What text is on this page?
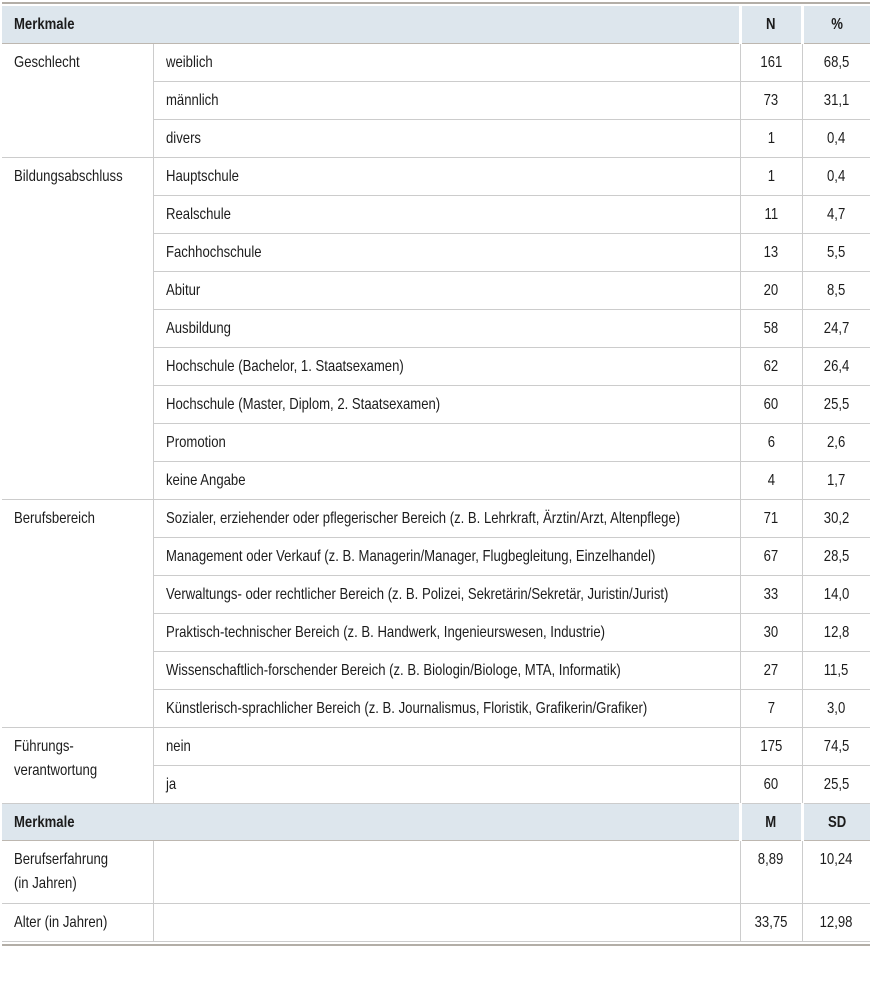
Merkmale		N	%

Geschlecht	weiblich	161	68,5
	männlich	73	31,1
	divers	1	0,4

Bildungsabschluss	Hauptschule	1	0,4
	Realschule	11	4,7
	Fachhochschule	13	5,5
	Abitur	20	8,5
	Ausbildung	58	24,7
	Hochschule (Bachelor, 1. Staatsexamen)	62	26,4
	Hochschule (Master, Diplom, 2. Staatsexamen)	60	25,5
	Promotion	6	2,6
	keine Angabe	4	1,7

Berufsbereich	Sozialer, erziehender oder pflegerischer Bereich (z. B. Lehrkraft, Ärztin/Arzt, Altenpflege)	71	30,2
	Management oder Verkauf (z. B. Managerin/Manager, Flugbegleitung, Einzelhandel)	67	28,5
	Verwaltungs- oder rechtlicher Bereich (z. B. Polizei, Sekretärin/Sekretär, Juristin/Jurist)	33	14,0
	Praktisch-technischer Bereich (z. B. Handwerk, Ingenieurswesen, Industrie)	30	12,8
	Wissenschaftlich-forschender Bereich (z. B. Biologin/Biologe, MTA, Informatik)	27	11,5
	Künstlerisch-sprachlicher Bereich (z. B. Journalismus, Floristik, Grafikerin/Grafiker)	7	3,0

Führungs-
verantwortung	nein	175	74,5
	ja	60	25,5
Merkmale		M	SD

Berufserfahrung
(in Jahren)		8,89	10,24

Alter (in Jahren)		33,75	12,98
